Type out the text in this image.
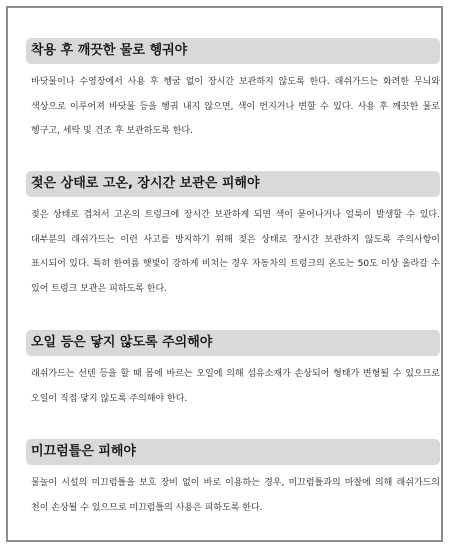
착용 후 깨끗한 물로 헹궈야
바닷물이나 수영장에서 사용 후 헹굼 없이 장시간 보관하지 않도록 한다. 래쉬가드는 화려한 무늬와 색상으로 이루어져 바닷물 등을 헹궈 내지 않으면, 색이 번지거나 변할 수 있다. 사용 후 깨끗한 물로 헹구고, 세탁 및 건조 후 보관하도록 한다.
젖은 상태로 고온, 장시간 보관은 피해야
젖은 상태로 겹쳐서 고온의 트렁크에 장시간 보관하게 되면 색이 묻어나거나 얼룩이 발생할 수 있다. 대부분의 래쉬가드는 이런 사고를 방지하기 위해 젖은 상태로 장시간 보관하지 않도록 주의사항이 표시되어 있다. 특히 한여름 햇빛이 강하게 비치는 경우 자동차의 트렁크의 온도는 50도 이상 올라갈 수 있어 트렁크 보관은 피하도록 한다.
오일 등은 닿지 않도록 주의해야
래쉬가드는 선텐 등을 할 때 몸에 바르는 오일에 의해 섬유소재가 손상되어 형태가 변형될 수 있으므로 오일이 직접 닿지 않도록 주의해야 한다.
미끄럼틀은 피해야
물놀이 시설의 미끄럼틀을 보호 장비 없이 바로 이용하는 경우, 미끄럼틀과의 마찰에 의해 래쉬가드의 천이 손상될 수 있으므로 미끄럼틀의 사용은 피하도록 한다.
